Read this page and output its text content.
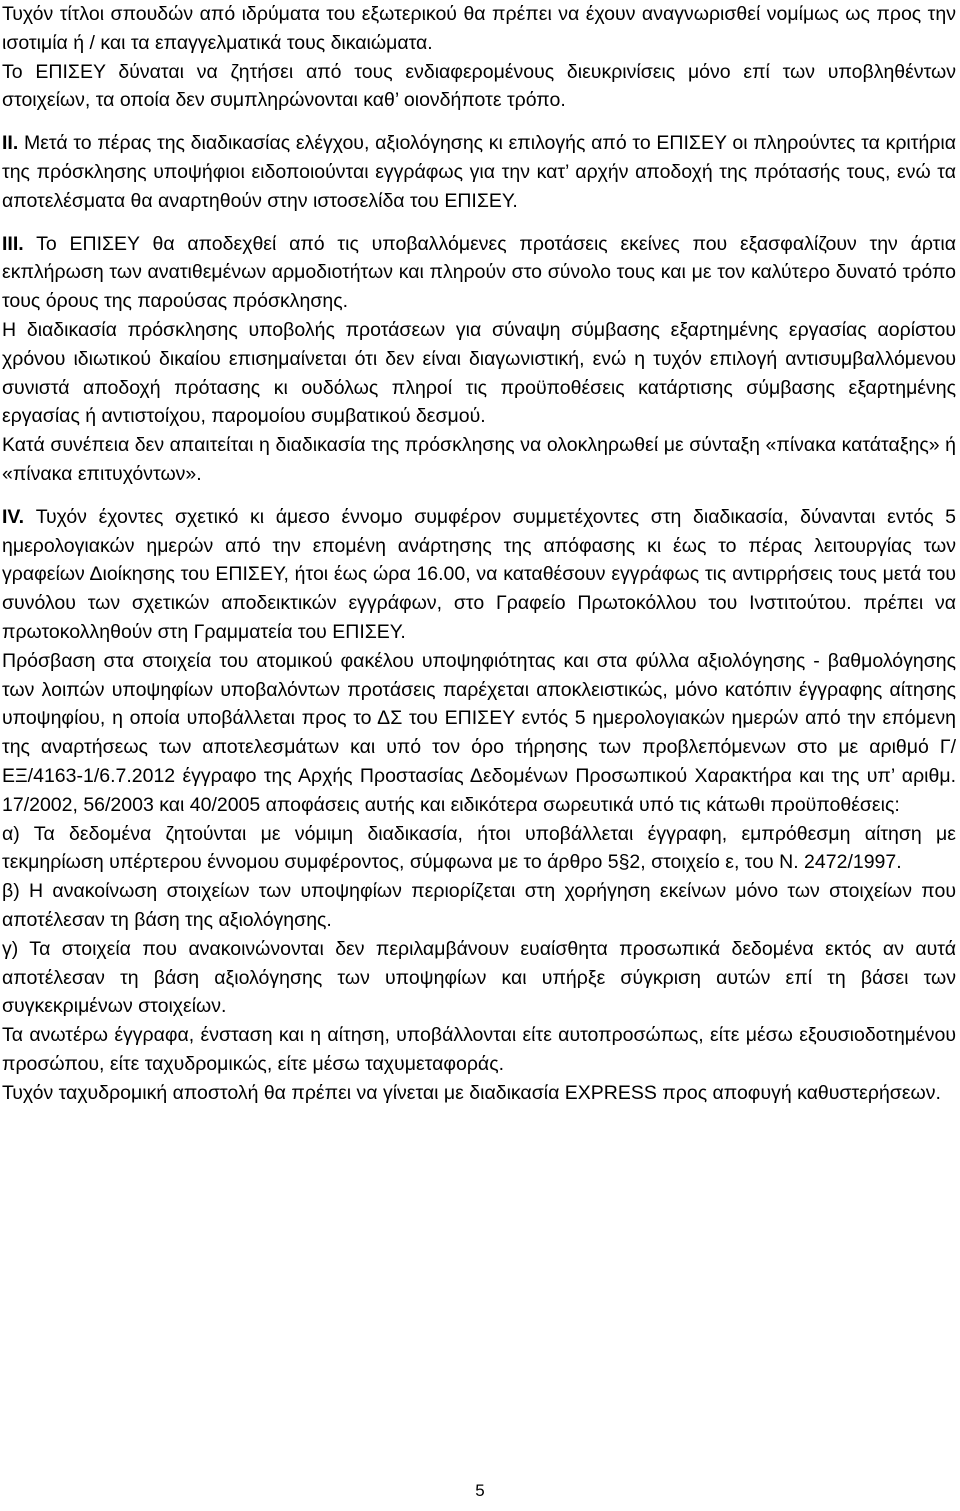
Τυχόν τίτλοι σπουδών από ιδρύματα του εξωτερικού θα πρέπει να έχουν αναγνωρισθεί νομίμως ως προς την ισοτιμία ή / και τα επαγγελματικά τους δικαιώματα.

Το ΕΠΙΣΕΥ δύναται να ζητήσει από τους ενδιαφερομένους διευκρινίσεις μόνο επί των υποβληθέντων στοιχείων, τα οποία δεν συμπληρώνονται καθ’ οιονδήποτε τρόπο.

ΙΙ. Μετά το πέρας της διαδικασίας ελέγχου, αξιολόγησης κι επιλογής από το ΕΠΙΣΕΥ οι πληρούντες τα κριτήρια της πρόσκλησης υποψήφιοι ειδοποιούνται εγγράφως για την κατ’ αρχήν αποδοχή της πρότασής τους, ενώ τα αποτελέσματα θα αναρτηθούν στην ιστοσελίδα του ΕΠΙΣΕΥ.

ΙΙΙ. Το ΕΠΙΣΕΥ θα αποδεχθεί από τις υποβαλλόμενες προτάσεις εκείνες που εξασφαλίζουν την άρτια εκπλήρωση των ανατιθεμένων αρμοδιοτήτων και πληρούν στο σύνολο τους και με τον καλύτερο δυνατό τρόπο τους όρους της παρούσας πρόσκλησης.

Η διαδικασία πρόσκλησης υποβολής προτάσεων για σύναψη σύμβασης εξαρτημένης εργασίας αορίστου χρόνου ιδιωτικού δικαίου επισημαίνεται ότι δεν είναι διαγωνιστική, ενώ η τυχόν επιλογή αντισυμβαλλόμενου συνιστά αποδοχή πρότασης κι ουδόλως πληροί τις προϋποθέσεις κατάρτισης σύμβασης εξαρτημένης εργασίας ή αντιστοίχου, παρομοίου συμβατικού δεσμού.

Κατά συνέπεια δεν απαιτείται η διαδικασία της πρόσκλησης να ολοκληρωθεί με σύνταξη «πίνακα κατάταξης» ή «πίνακα επιτυχόντων».

IV. Τυχόν έχοντες σχετικό κι άμεσο έννομο συμφέρον συμμετέχοντες στη διαδικασία, δύνανται εντός 5 ημερολογιακών ημερών από την επομένη ανάρτησης της απόφασης κι έως το πέρας λειτουργίας των γραφείων Διοίκησης του ΕΠΙΣΕΥ, ήτοι έως ώρα 16.00, να καταθέσουν εγγράφως τις αντιρρήσεις τους μετά του συνόλου των σχετικών αποδεικτικών εγγράφων, στο Γραφείο Πρωτοκόλλου του Ινστιτούτου. πρέπει να πρωτοκολληθούν στη Γραμματεία του ΕΠΙΣΕΥ.

Πρόσβαση στα στοιχεία του ατομικού φακέλου υποψηφιότητας και στα φύλλα αξιολόγησης - βαθμολόγησης των λοιπών υποψηφίων υποβαλόντων προτάσεις παρέχεται αποκλειστικώς, μόνο κατόπιν έγγραφης αίτησης υποψηφίου, η οποία υποβάλλεται προς το ΔΣ του ΕΠΙΣΕΥ εντός 5 ημερολογιακών ημερών από την επόμενη της αναρτήσεως των αποτελεσμάτων και υπό τον όρο τήρησης των προβλεπόμενων στο με αριθμό Γ/ΕΞ/4163-1/6.7.2012 έγγραφο της Αρχής Προστασίας Δεδομένων Προσωπικού Χαρακτήρα και της υπ’ αριθμ. 17/2002, 56/2003 και 40/2005 αποφάσεις αυτής και ειδικότερα σωρευτικά υπό τις κάτωθι προϋποθέσεις:

α) Τα δεδομένα ζητούνται με νόμιμη διαδικασία, ήτοι υποβάλλεται έγγραφη, εμπρόθεσμη αίτηση με τεκμηρίωση υπέρτερου έννομου συμφέροντος, σύμφωνα με το άρθρο 5§2, στοιχείο ε, του Ν. 2472/1997.

β) Η ανακοίνωση στοιχείων των υποψηφίων περιορίζεται στη χορήγηση εκείνων μόνο των στοιχείων που αποτέλεσαν τη βάση της αξιολόγησης.

γ) Τα στοιχεία που ανακοινώνονται δεν περιλαμβάνουν ευαίσθητα προσωπικά δεδομένα εκτός αν αυτά αποτέλεσαν τη βάση αξιολόγησης των υποψηφίων και υπήρξε σύγκριση αυτών επί τη βάσει των συγκεκριμένων στοιχείων.

Τα ανωτέρω έγγραφα, ένσταση και η αίτηση, υποβάλλονται είτε αυτοπροσώπως, είτε μέσω εξουσιοδοτημένου προσώπου, είτε ταχυδρομικώς, είτε μέσω ταχυμεταφοράς.

Τυχόν ταχυδρομική αποστολή θα πρέπει να γίνεται με διαδικασία EXPRESS προς αποφυγή καθυστερήσεων.

5
